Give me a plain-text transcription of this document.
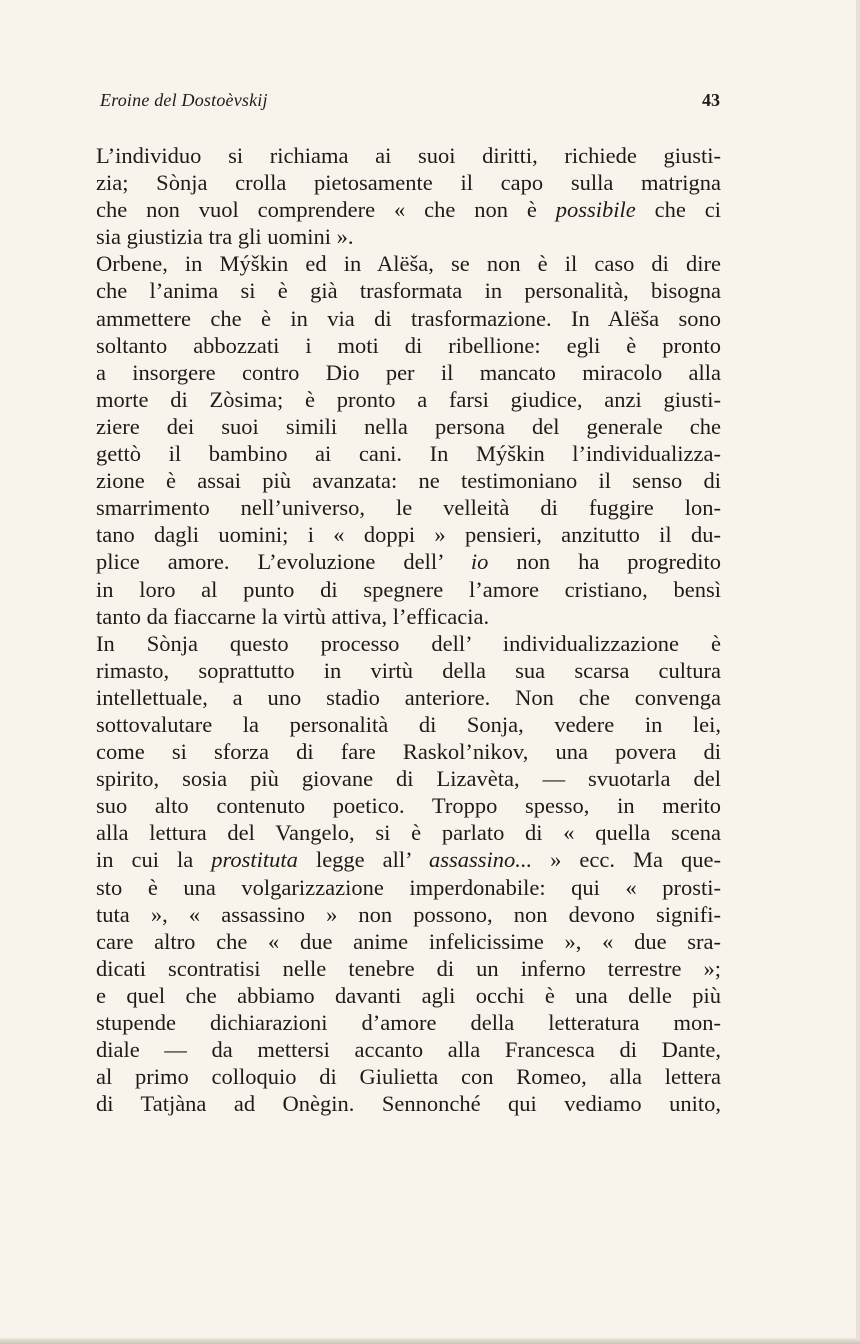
Eroine del Dostoèvskij	43
L’individuo si richiama ai suoi diritti, richiede giusti-
zia; Sònja crolla pietosamente il capo sulla matrigna
che non vuol comprendere « che non è possibile che ci
sia giustizia tra gli uomini ».
Orbene, in Mýškin ed in Alëša, se non è il caso di dire
che l’anima si è già trasformata in personalità, bisogna
ammettere che è in via di trasformazione. In Alëša sono
soltanto abbozzati i moti di ribellione: egli è pronto
a insorgere contro Dio per il mancato miracolo alla
morte di Zòsima; è pronto a farsi giudice, anzi giusti-
ziere dei suoi simili nella persona del generale che
gettò il bambino ai cani. In Mýškin l’individualizza-
zione è assai più avanzata: ne testimoniano il senso di
smarrimento nell’universo, le velleità di fuggire lon-
tano dagli uomini; i « doppi » pensieri, anzitutto il du-
plice amore. L’evoluzione dell’ io non ha progredito
in loro al punto di spegnere l’amore cristiano, bensì
tanto da fiaccarne la virtù attiva, l’efficacia.
In Sònja questo processo dell’ individualizzazione è
rimasto, soprattutto in virtù della sua scarsa cultura
intellettuale, a uno stadio anteriore. Non che convenga
sottovalutare la personalità di Sonja, vedere in lei,
come si sforza di fare Raskol’nikov, una povera di
spirito, sosia più giovane di Lizavèta, — svuotarla del
suo alto contenuto poetico. Troppo spesso, in merito
alla lettura del Vangelo, si è parlato di « quella scena
in cui la prostituta legge all’ assassino... » ecc. Ma que-
sto è una volgarizzazione imperdonabile: qui « prosti-
tuta », « assassino » non possono, non devono signifi-
care altro che « due anime infelicissime », « due sra-
dicati scontratisi nelle tenebre di un inferno terrestre »;
e quel che abbiamo davanti agli occhi è una delle più
stupende dichiarazioni d’amore della letteratura mon-
diale — da mettersi accanto alla Francesca di Dante,
al primo colloquio di Giulietta con Romeo, alla lettera
di Tatjàna ad Onègin. Sennonché qui vediamo unito,
